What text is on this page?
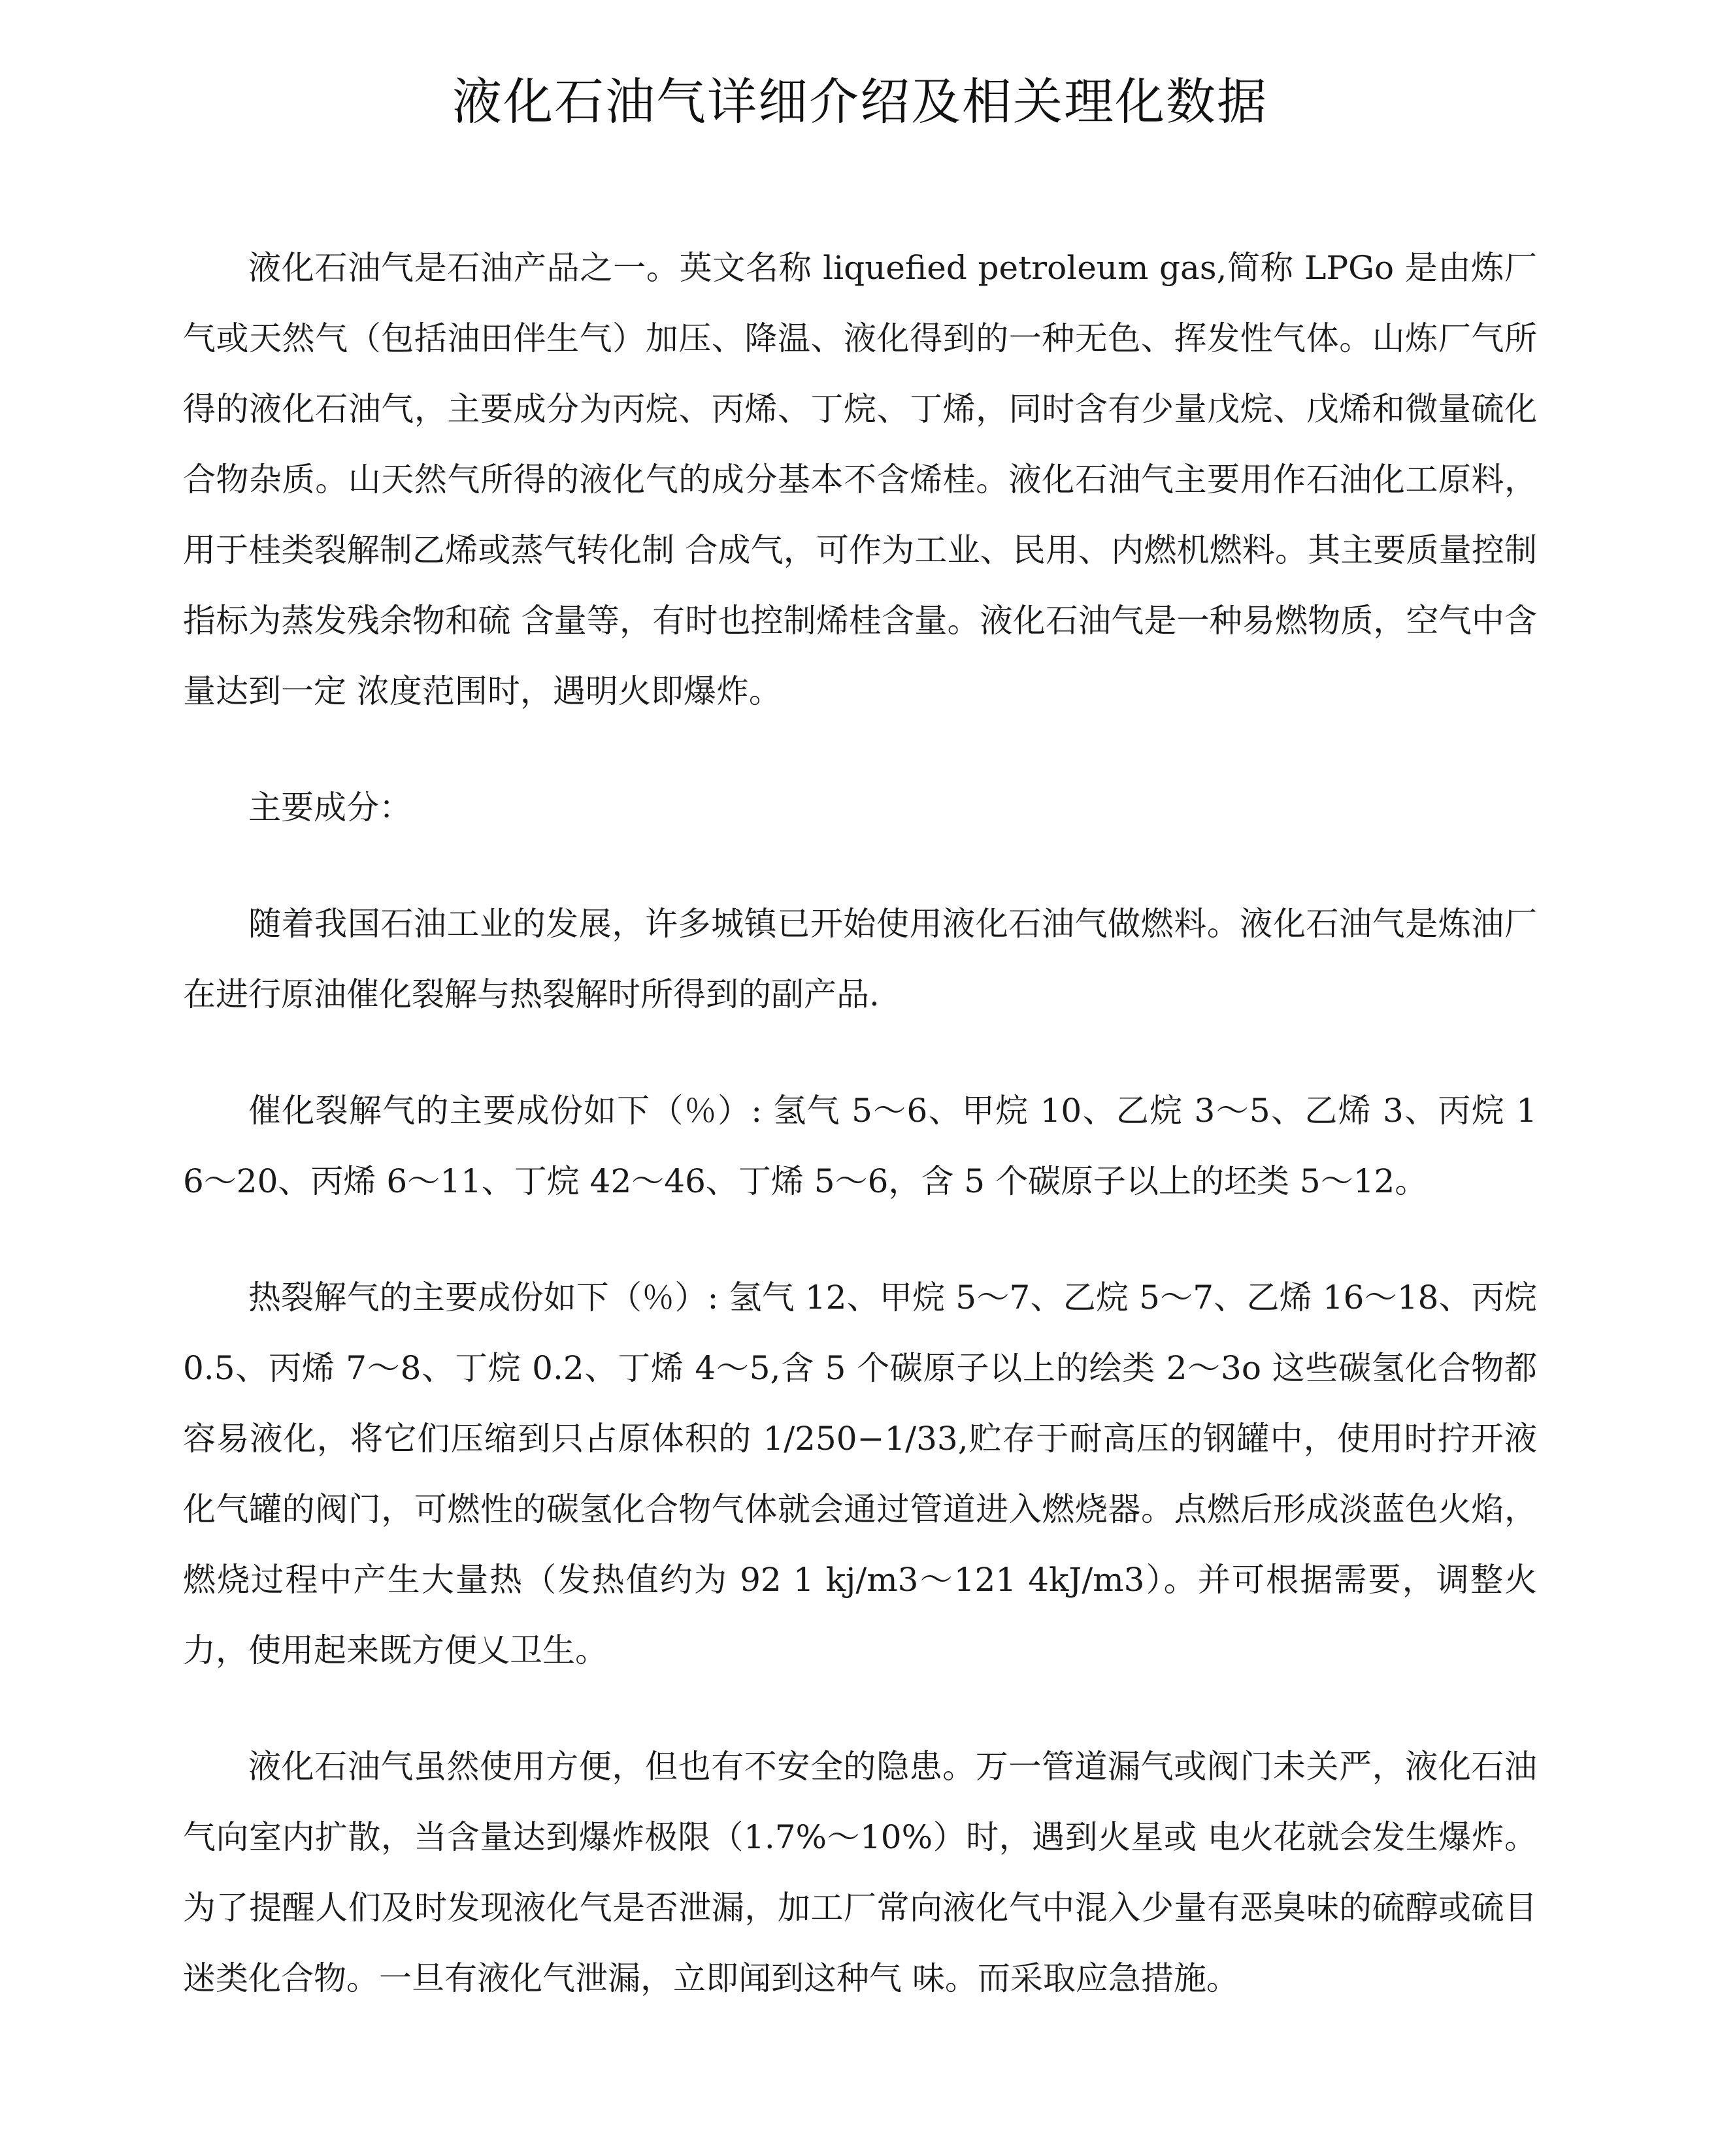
液化石油气详细介绍及相关理化数据

液化石油气是石油产品之一。英文名称 liquefied petroleum gas,简称 LPGo 是由炼厂气或天然气（包括油田伴生气）加压、降温、液化得到的一种无色、挥发性气体。山炼厂气所得的液化石油气，主要成分为丙烷、丙烯、丁烷、丁烯，同时含有少量戊烷、戊烯和微量硫化合物杂质。山天然气所得的液化气的成分基本不含烯桂。液化石油气主要用作石油化工原料，用于桂类裂解制乙烯或蒸气转化制 合成气，可作为工业、民用、内燃机燃料。其主要质量控制指标为蒸发残余物和硫 含量等，有时也控制烯桂含量。液化石油气是一种易燃物质，空气中含量达到一定 浓度范围时，遇明火即爆炸。

主要成分：

随着我国石油工业的发展，许多城镇已开始使用液化石油气做燃料。液化石油气是炼油厂在进行原油催化裂解与热裂解时所得到的副产品.

催化裂解气的主要成份如下（％）: 氢气 5〜6、甲烷 10、乙烷 3〜5、乙烯 3、丙烷 16〜20、丙烯 6〜11、丁烷 42〜46、丁烯 5〜6，含 5 个碳原子以上的坯类 5〜12。

热裂解气的主要成份如下（％）: 氢气 12、甲烷 5〜7、乙烷 5〜7、乙烯 16〜18、丙烷 0.5、丙烯 7〜8、丁烷 0.2、丁烯 4〜5,含 5 个碳原子以上的绘类 2〜3o 这些碳氢化合物都容易液化，将它们压缩到只占原体积的 1/250−1/33,贮存于耐高压的钢罐中，使用时拧开液化气罐的阀门，可燃性的碳氢化合物气体就会通过管道进入燃烧器。点燃后形成淡蓝色火焰，燃烧过程中产生大量热（发热值约为 92 1 kj/m3〜121 4kJ/m3）。并可根据需要，调整火力，使用起来既方便乂卫生。

液化石油气虽然使用方便，但也有不安全的隐患。万一管道漏气或阀门未关严，液化石油气向室内扩散，当含量达到爆炸极限（1.7%〜10%）时，遇到火星或 电火花就会发生爆炸。为了提醒人们及时发现液化气是否泄漏，加工厂常向液化气中混入少量有恶臭味的硫醇或硫目迷类化合物。一旦有液化气泄漏，立即闻到这种气 味。而采取应急措施。
